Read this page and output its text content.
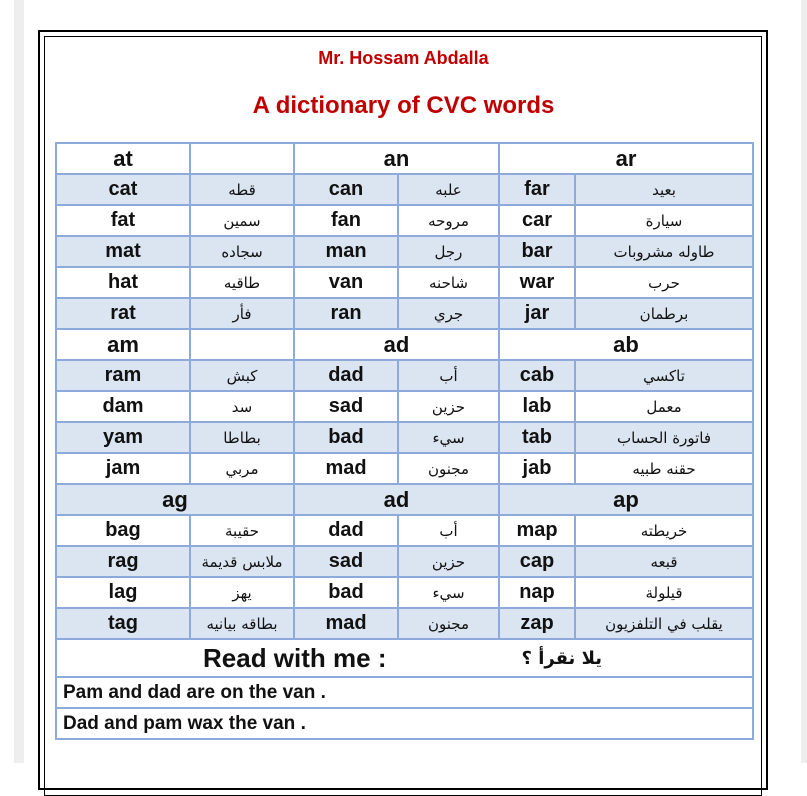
Mr. Hossam Abdalla
A dictionary of CVC words
at		an		ar	
cat	قطه	can	علبه	far	بعيد
fat	سمين	fan	مروحه	car	سيارة
mat	سجاده	man	رجل	bar	طاوله مشروبات
hat	طاقيه	van	شاحنه	war	حرب
rat	فأر	ran	جري	jar	برطمان
am		ad		ab	
ram	كبش	dad	أب	cab	تاكسي
dam	سد	sad	حزين	lab	معمل
yam	بطاطا	bad	سيء	tab	فاتورة الحساب
jam	مربي	mad	مجنون	jab	حقنه طبيه
ag		ad		ap	
bag	حقيبة	dad	أب	map	خريطته
rag	ملابس قديمة	sad	حزين	cap	قبعه
lag	يهز	bad	سيء	nap	قيلولة
tag	بطاقه بيانيه	mad	مجنون	zap	يقلب في التلفزيون

Read with me : يلا نقرأ ؟					

Pam and dad are on the van .					
Dad and pam wax the van .					
